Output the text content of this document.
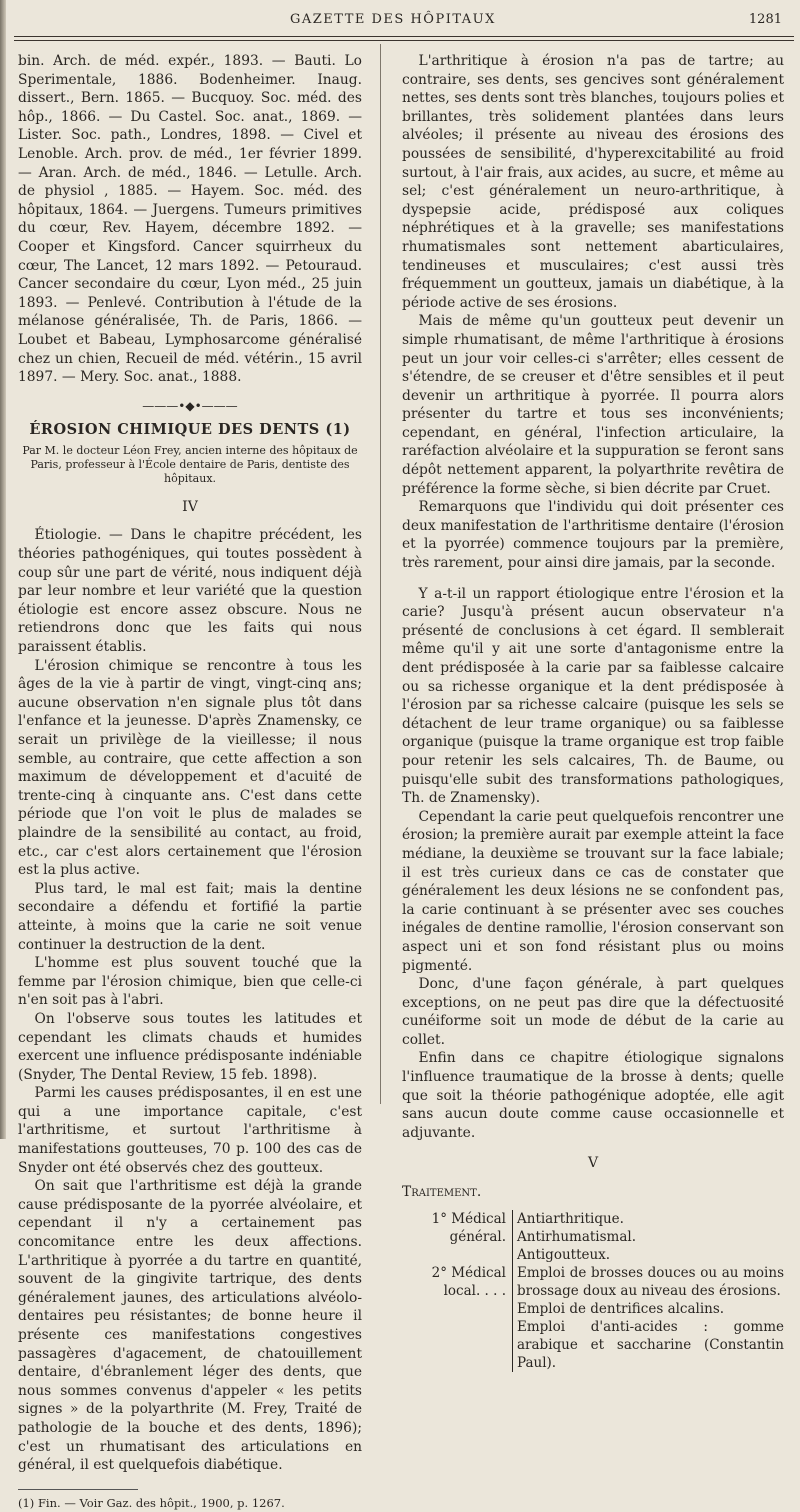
GAZETTE DES HÔPITAUX	1281

bin. Arch. de méd. expér., 1893. — Bauti. Lo Sperimentale, 1886. Bodenheimer. Inaug. dissert., Bern. 1865. — Bucquoy. Soc. méd. des hôp., 1866. — Du Castel. Soc. anat., 1869. — Lister. Soc. path., Londres, 1898. — Civel et Lenoble. Arch. prov. de méd., 1er février 1899. — Aran. Arch. de méd., 1846. — Letulle. Arch. de physiol , 1885. — Hayem. Soc. méd. des hôpitaux, 1864. — Juergens. Tumeurs primitives du cœur, Rev. Hayem, décembre 1892. — Cooper et Kingsford. Cancer squirrheux du cœur, The Lancet, 12 mars 1892. — Petouraud. Cancer secondaire du cœur, Lyon méd., 25 juin 1893. — Penlevé. Contribution à l'étude de la mélanose généralisée, Th. de Paris, 1866. — Loubet et Babeau, Lymphosarcome généralisé chez un chien, Recueil de méd. vétérin., 15 avril 1897. — Mery. Soc. anat., 1888.

———•◆•———
ÉROSION CHIMIQUE DES DENTS (1)
Par M. le docteur Léon Frey, ancien interne des hôpitaux de Paris, professeur à l'École dentaire de Paris, dentiste des hôpitaux.
IV

Étiologie. — Dans le chapitre précédent, les théories pathogéniques, qui toutes possèdent à coup sûr une part de vérité, nous indiquent déjà par leur nombre et leur variété que la question étiologie est encore assez obscure. Nous ne retiendrons donc que les faits qui nous paraissent établis.

L'érosion chimique se rencontre à tous les âges de la vie à partir de vingt, vingt-cinq ans; aucune observation n'en signale plus tôt dans l'enfance et la jeunesse. D'après Znamensky, ce serait un privilège de la vieillesse; il nous semble, au contraire, que cette affection a son maximum de développement et d'acuité de trente-cinq à cinquante ans. C'est dans cette période que l'on voit le plus de malades se plaindre de la sensibilité au contact, au froid, etc., car c'est alors certainement que l'érosion est la plus active.

Plus tard, le mal est fait; mais la dentine secondaire a défendu et fortifié la partie atteinte, à moins que la carie ne soit venue continuer la destruction de la dent.

L'homme est plus souvent touché que la femme par l'érosion chimique, bien que celle-ci n'en soit pas à l'abri.

On l'observe sous toutes les latitudes et cependant les climats chauds et humides exercent une influence prédisposante indéniable (Snyder, The Dental Review, 15 feb. 1898).

Parmi les causes prédisposantes, il en est une qui a une importance capitale, c'est l'arthritisme, et surtout l'arthritisme à manifestations goutteuses, 70 p. 100 des cas de Snyder ont été observés chez des goutteux.

On sait que l'arthritisme est déjà la grande cause prédisposante de la pyorrée alvéolaire, et cependant il n'y a certainement pas concomitance entre les deux affections. L'arthritique à pyorrée a du tartre en quantité, souvent de la gingivite tartrique, des dents généralement jaunes, des articulations alvéolo-dentaires peu résistantes; de bonne heure il présente ces manifestations congestives passagères d'agacement, de chatouillement dentaire, d'ébranlement léger des dents, que nous sommes convenus d'appeler « les petits signes » de la polyarthrite (M. Frey, Traité de pathologie de la bouche et des dents, 1896); c'est un rhumatisant des articulations en général, il est quelquefois diabétique.

(1) Fin. — Voir Gaz. des hôpit., 1900, p. 1267.

L'arthritique à érosion n'a pas de tartre; au contraire, ses dents, ses gencives sont généralement nettes, ses dents sont très blanches, toujours polies et brillantes, très solidement plantées dans leurs alvéoles; il présente au niveau des érosions des poussées de sensibilité, d'hyperexcitabilité au froid surtout, à l'air frais, aux acides, au sucre, et même au sel; c'est généralement un neuro-arthritique, à dyspepsie acide, prédisposé aux coliques néphrétiques et à la gravelle; ses manifestations rhumatismales sont nettement abarticulaires, tendineuses et musculaires; c'est aussi très fréquemment un goutteux, jamais un diabétique, à la période active de ses érosions.

Mais de même qu'un goutteux peut devenir un simple rhumatisant, de même l'arthritique à érosions peut un jour voir celles-ci s'arrêter; elles cessent de s'étendre, de se creuser et d'être sensibles et il peut devenir un arthritique à pyorrée. Il pourra alors présenter du tartre et tous ses inconvénients; cependant, en général, l'infection articulaire, la raréfaction alvéolaire et la suppuration se feront sans dépôt nettement apparent, la polyarthrite revêtira de préférence la forme sèche, si bien décrite par Cruet.

Remarquons que l'individu qui doit présenter ces deux manifestation de l'arthritisme dentaire (l'érosion et la pyorrée) commence toujours par la première, très rarement, pour ainsi dire jamais, par la seconde.

Y a-t-il un rapport étiologique entre l'érosion et la carie? Jusqu'à présent aucun observateur n'a présenté de conclusions à cet égard. Il semblerait même qu'il y ait une sorte d'antagonisme entre la dent prédisposée à la carie par sa faiblesse calcaire ou sa richesse organique et la dent prédisposée à l'érosion par sa richesse calcaire (puisque les sels se détachent de leur trame organique) ou sa faiblesse organique (puisque la trame organique est trop faible pour retenir les sels calcaires, Th. de Baume, ou puisqu'elle subit des transformations pathologiques, Th. de Znamensky).

Cependant la carie peut quelquefois rencontrer une érosion; la première aurait par exemple atteint la face médiane, la deuxième se trouvant sur la face labiale; il est très curieux dans ce cas de constater que généralement les deux lésions ne se confondent pas, la carie continuant à se présenter avec ses couches inégales de dentine ramollie, l'érosion conservant son aspect uni et son fond résistant plus ou moins pigmenté.

Donc, d'une façon générale, à part quelques exceptions, on ne peut pas dire que la défectuosité cunéiforme soit un mode de début de la carie au collet.

Enfin dans ce chapitre étiologique signalons l'influence traumatique de la brosse à dents; quelle que soit la théorie pathogénique adoptée, elle agit sans aucun doute comme cause occasionnelle et adjuvante.

V

Traitement.

1° Médical général.
Antiarthritique.
Antirhumatismal.
Antigoutteux.
2° Médical local. . . .
Emploi de brosses douces ou au moins brossage doux au niveau des érosions.
Emploi de dentrifices alcalins.
Emploi d'anti-acides : gomme arabique et saccharine (Constantin Paul).
